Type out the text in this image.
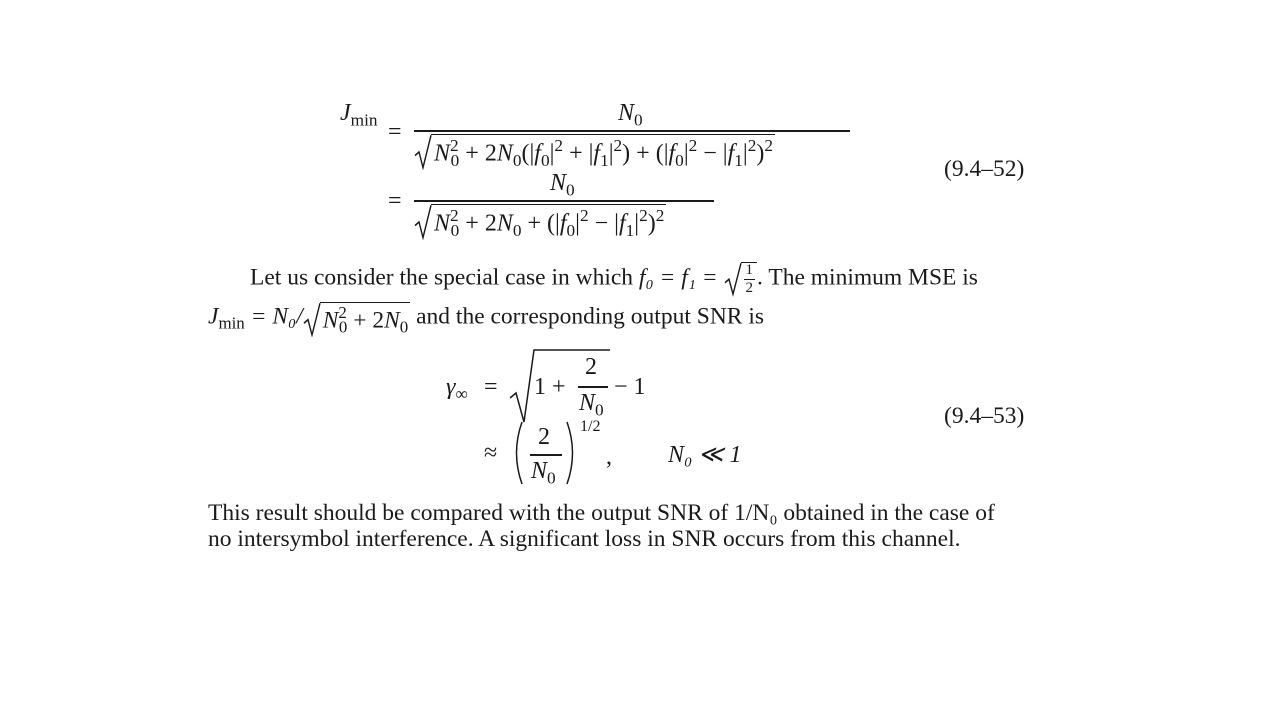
$J_{min}$ =
$N_0$
$N^2_0 + 2N_0(|f_0|^2 + |f_1|^2) + (|f_0|^2 - |f_1|^2)^2$
=
$N_0$
$N^2_0 + 2N_0 + (|f_0|^2 - |f_1|^2)^2$
(9.4–52)
Let us consider the special case in which $f_0 = f_1 = \frac{1}{2}$ . The minimum MSE is
$J_{min} = N_0/$ $N^2_0 + 2N_0$ and the corresponding output SNR is
$\gamma_\infty = 1$ +
2
$N_0$
− 1
≈
2
$N_0$
1/2
, N₀ ≪ 1
(9.4–53)
This result should be compared with the output SNR of 1/N₀ obtained in the case of
no intersymbol interference. A significant loss in SNR occurs from this channel.
